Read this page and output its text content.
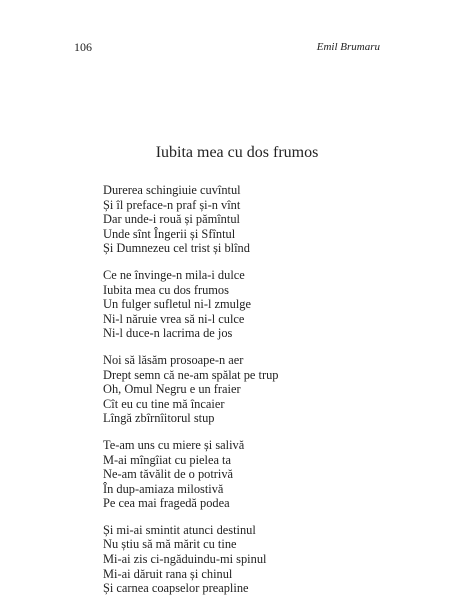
106	Emil Brumaru
Iubita mea cu dos frumos
Durerea schingiuie cuvîntul
Și îl preface-n praf și-n vînt
Dar unde-i rouă și pămîntul
Unde sînt Îngerii și Sfîntul
Și Dumnezeu cel trist și blînd
Ce ne învinge-n mila-i dulce
Iubita mea cu dos frumos
Un fulger sufletul ni-l zmulge
Ni-l năruie vrea să ni-l culce
Ni-l duce-n lacrima de jos
Noi să lăsăm prosoape-n aer
Drept semn că ne-am spălat pe trup
Oh, Omul Negru e un fraier
Cît eu cu tine mă încaier
Lîngă zbîrnîitorul stup
Te-am uns cu miere și salivă
M-ai mîngîiat cu pielea ta
Ne-am tăvălit de o potrivă
În dup-amiaza milostivă
Pe cea mai fragedă podea
Și mi-ai smintit atunci destinul
Nu știu să mă mărit cu tine
Mi-ai zis ci-ngăduindu-mi spinul
Mi-ai dăruit rana și chinul
Și carnea coapselor preapline
